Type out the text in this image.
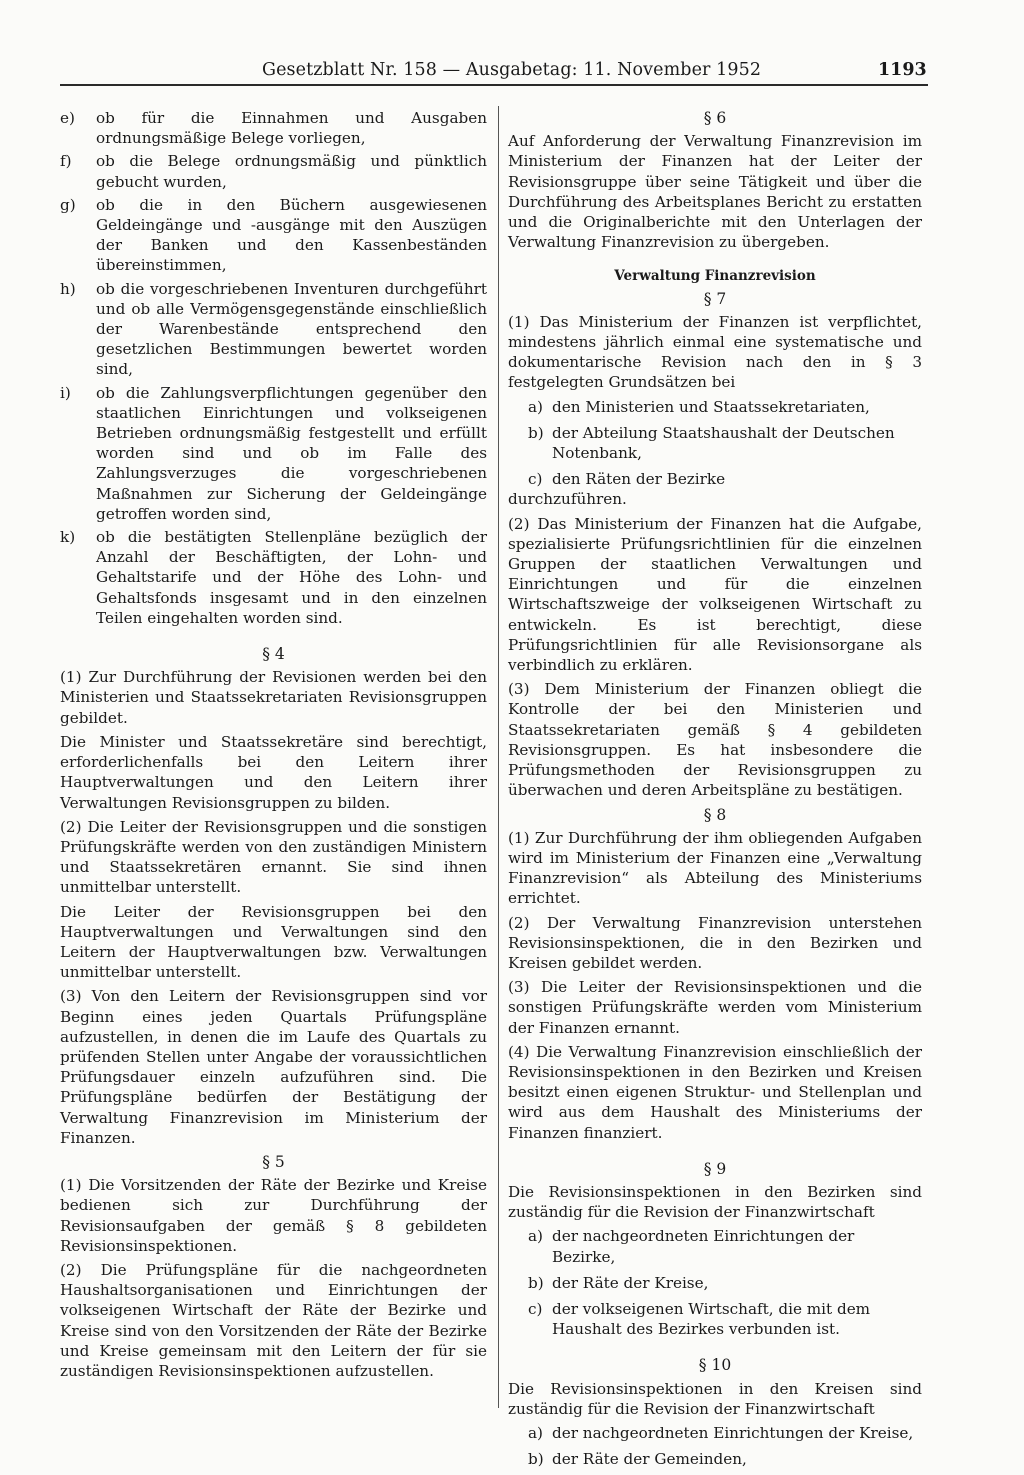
Gesetzblatt Nr. 158 — Ausgabetag: 11. November 1952	1193
e)	ob für die Einnahmen und Ausgaben ordnungsmäßige Belege vorliegen,
f)	ob die Belege ordnungsmäßig und pünktlich gebucht wurden,
g)	ob die in den Büchern ausgewiesenen Geldeingänge und -ausgänge mit den Auszügen der Banken und den Kassenbeständen übereinstimmen,
h)	ob die vorgeschriebenen Inventuren durchgeführt und ob alle Vermögensgegenstände einschließlich der Warenbestände entsprechend den gesetzlichen Bestimmungen bewertet worden sind,
i)	ob die Zahlungsverpflichtungen gegenüber den staatlichen Einrichtungen und volkseigenen Betrieben ordnungsmäßig festgestellt und erfüllt worden sind und ob im Falle des Zahlungsverzuges die vorgeschriebenen Maßnahmen zur Sicherung der Geldeingänge getroffen worden sind,
k)	ob die bestätigten Stellenpläne bezüglich der Anzahl der Beschäftigten, der Lohn- und Gehaltstarife und der Höhe des Lohn- und Gehaltsfonds insgesamt und in den einzelnen Teilen eingehalten worden sind.
§ 4

(1) Zur Durchführung der Revisionen werden bei den Ministerien und Staatssekretariaten Revisionsgruppen gebildet.

Die Minister und Staatssekretäre sind berechtigt, erforderlichenfalls bei den Leitern ihrer Hauptverwaltungen und den Leitern ihrer Verwaltungen Revisionsgruppen zu bilden.

(2) Die Leiter der Revisionsgruppen und die sonstigen Prüfungskräfte werden von den zuständigen Ministern und Staatssekretären ernannt. Sie sind ihnen unmittelbar unterstellt.

Die Leiter der Revisionsgruppen bei den Hauptverwaltungen und Verwaltungen sind den Leitern der Hauptverwaltungen bzw. Verwaltungen unmittelbar unterstellt.

(3) Von den Leitern der Revisionsgruppen sind vor Beginn eines jeden Quartals Prüfungspläne aufzustellen, in denen die im Laufe des Quartals zu prüfenden Stellen unter Angabe der voraussichtlichen Prüfungsdauer einzeln aufzuführen sind. Die Prüfungspläne bedürfen der Bestätigung der Verwaltung Finanzrevision im Ministerium der Finanzen.

§ 5

(1) Die Vorsitzenden der Räte der Bezirke und Kreise bedienen sich zur Durchführung der Revisionsaufgaben der gemäß § 8 gebildeten Revisionsinspektionen.

(2) Die Prüfungspläne für die nachgeordneten Haushaltsorganisationen und Einrichtungen der volkseigenen Wirtschaft der Räte der Bezirke und Kreise sind von den Vorsitzenden der Räte der Bezirke und Kreise gemeinsam mit den Leitern der für sie zuständigen Revisionsinspektionen aufzustellen.

§ 6

Auf Anforderung der Verwaltung Finanzrevision im Ministerium der Finanzen hat der Leiter der Revisionsgruppe über seine Tätigkeit und über die Durchführung des Arbeitsplanes Bericht zu erstatten und die Originalberichte mit den Unterlagen der Verwaltung Finanzrevision zu übergeben.

Verwaltung Finanzrevision
§ 7

(1) Das Ministerium der Finanzen ist verpflichtet, mindestens jährlich einmal eine systematische und dokumentarische Revision nach den in § 3 festgelegten Grundsätzen bei

a) den Ministerien und Staatssekretariaten,
b) der Abteilung Staatshaushalt der Deutschen Notenbank,
c) den Räten der Bezirke

durchzuführen.

(2) Das Ministerium der Finanzen hat die Aufgabe, spezialisierte Prüfungsrichtlinien für die einzelnen Gruppen der staatlichen Verwaltungen und Einrichtungen und für die einzelnen Wirtschaftszweige der volkseigenen Wirtschaft zu entwickeln. Es ist berechtigt, diese Prüfungsrichtlinien für alle Revisionsorgane als verbindlich zu erklären.

(3) Dem Ministerium der Finanzen obliegt die Kontrolle der bei den Ministerien und Staatssekretariaten gemäß § 4 gebildeten Revisionsgruppen. Es hat insbesondere die Prüfungsmethoden der Revisionsgruppen zu überwachen und deren Arbeitspläne zu bestätigen.

§ 8

(1) Zur Durchführung der ihm obliegenden Aufgaben wird im Ministerium der Finanzen eine „Verwaltung Finanzrevision“ als Abteilung des Ministeriums errichtet.

(2) Der Verwaltung Finanzrevision unterstehen Revisionsinspektionen, die in den Bezirken und Kreisen gebildet werden.

(3) Die Leiter der Revisionsinspektionen und die sonstigen Prüfungskräfte werden vom Ministerium der Finanzen ernannt.

(4) Die Verwaltung Finanzrevision einschließlich der Revisionsinspektionen in den Bezirken und Kreisen besitzt einen eigenen Struktur- und Stellenplan und wird aus dem Haushalt des Ministeriums der Finanzen finanziert.

§ 9

Die Revisionsinspektionen in den Bezirken sind zuständig für die Revision der Finanzwirtschaft

a) der nachgeordneten Einrichtungen der Bezirke,
b) der Räte der Kreise,
c) der volkseigenen Wirtschaft, die mit dem Haushalt des Bezirkes verbunden ist.
§ 10

Die Revisionsinspektionen in den Kreisen sind zuständig für die Revision der Finanzwirtschaft

a) der nachgeordneten Einrichtungen der Kreise,
b) der Räte der Gemeinden,
